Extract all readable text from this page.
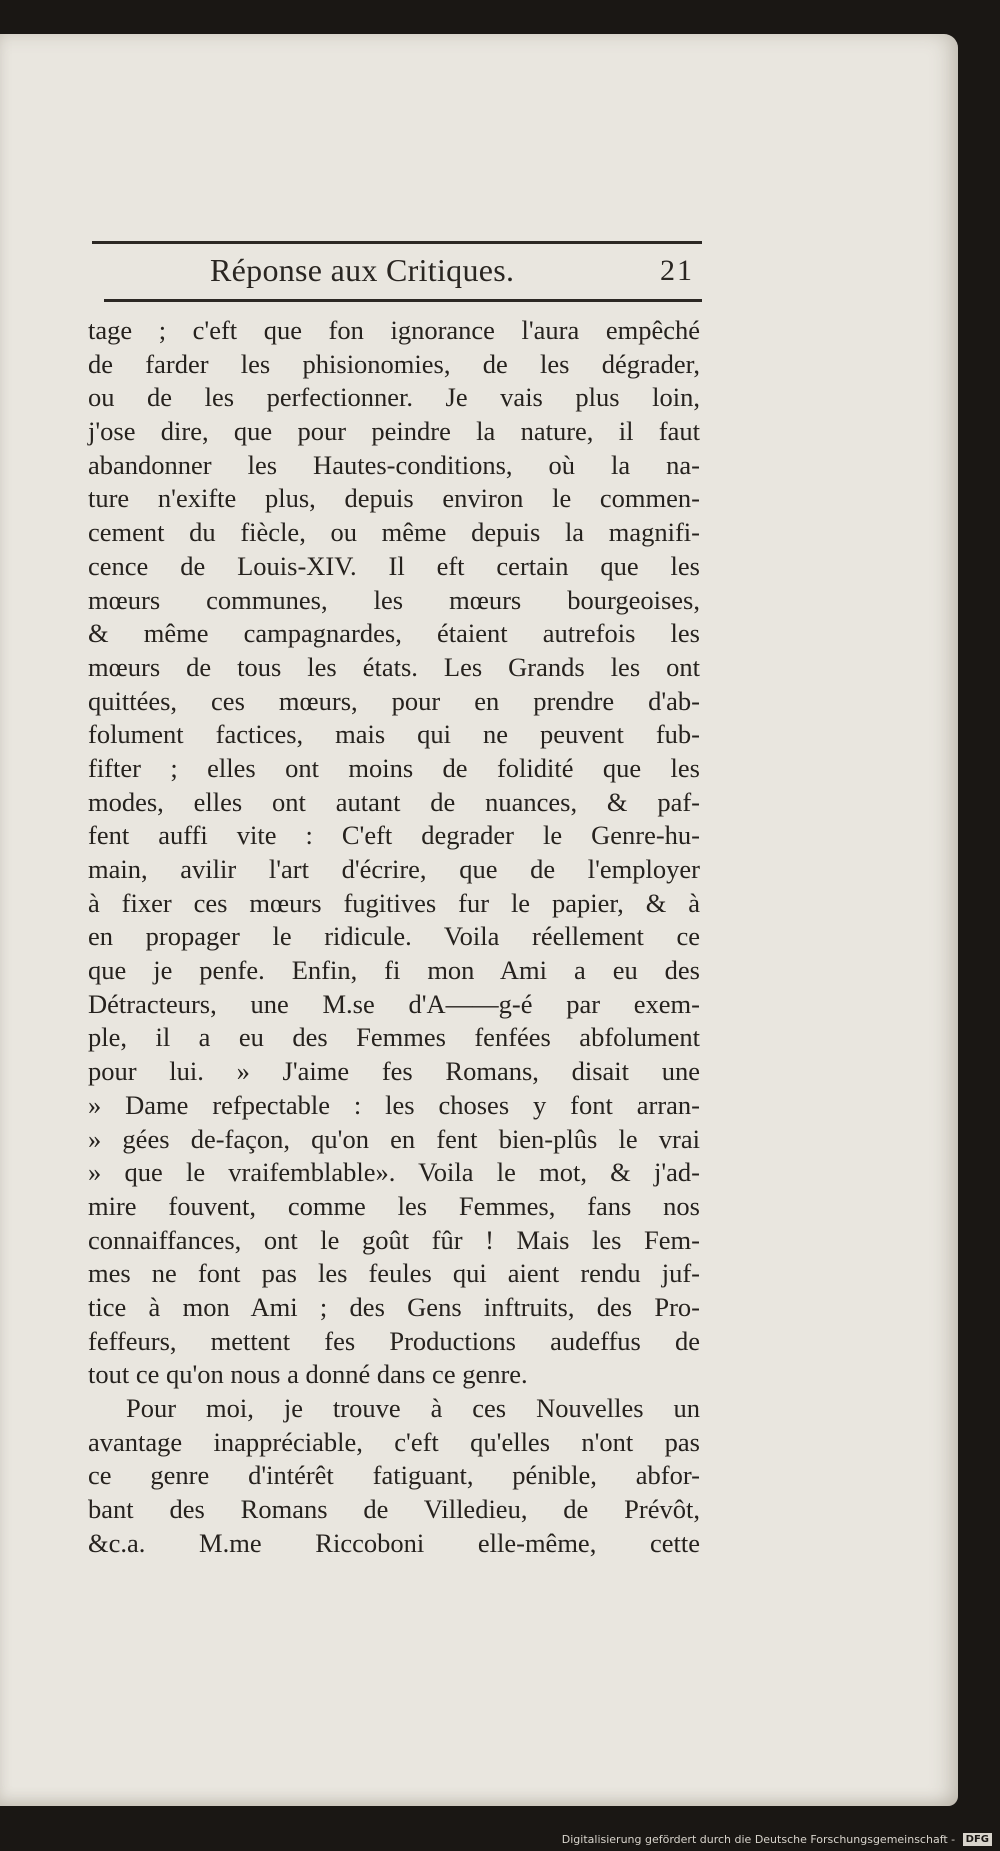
Réponse aux Critiques.	21
tage ; c'eft que fon ignorance l'aura empêché
de farder les phisionomies, de les dégrader,
ou de les perfectionner. Je vais plus loin,
j'ose dire, que pour peindre la nature, il faut
abandonner les Hautes-conditions, où la na-
ture n'exifte plus, depuis environ le commen-
cement du fiècle, ou même depuis la magnifi-
cence de Louis-XIV. Il eft certain que les
mœurs communes, les mœurs bourgeoises,
& même campagnardes, étaient autrefois les
mœurs de tous les états. Les Grands les ont
quittées, ces mœurs, pour en prendre d'ab-
folument factices, mais qui ne peuvent fub-
fifter ; elles ont moins de folidité que les
modes, elles ont autant de nuances, & paf-
fent auffi vite : C'eft degrader le Genre-hu-
main, avilir l'art d'écrire, que de l'employer
à fixer ces mœurs fugitives fur le papier, & à
en propager le ridicule. Voila réellement ce
que je penfe. Enfin, fi mon Ami a eu des
Détracteurs, une M.se d'A——g-é par exem-
ple, il a eu des Femmes fenfées abfolument
pour lui. » J'aime fes Romans, disait une
» Dame refpectable : les choses y font arran-
» gées de-façon, qu'on en fent bien-plûs le vrai
» que le vraifemblable». Voila le mot, & j'ad-
mire fouvent, comme les Femmes, fans nos
connaiffances, ont le goût fûr ! Mais les Fem-
mes ne font pas les feules qui aient rendu juf-
tice à mon Ami ; des Gens inftruits, des Pro-
feffeurs, mettent fes Productions audeffus de
tout ce qu'on nous a donné dans ce genre.
Pour moi, je trouve à ces Nouvelles un
avantage inappréciable, c'eft qu'elles n'ont pas
ce genre d'intérêt fatiguant, pénible, abfor-
bant des Romans de Villedieu, de Prévôt,
&c.a. M.me Riccoboni elle-même, cette
Digitalisierung gefördert durch die Deutsche Forschungsgemeinschaft - DFG
